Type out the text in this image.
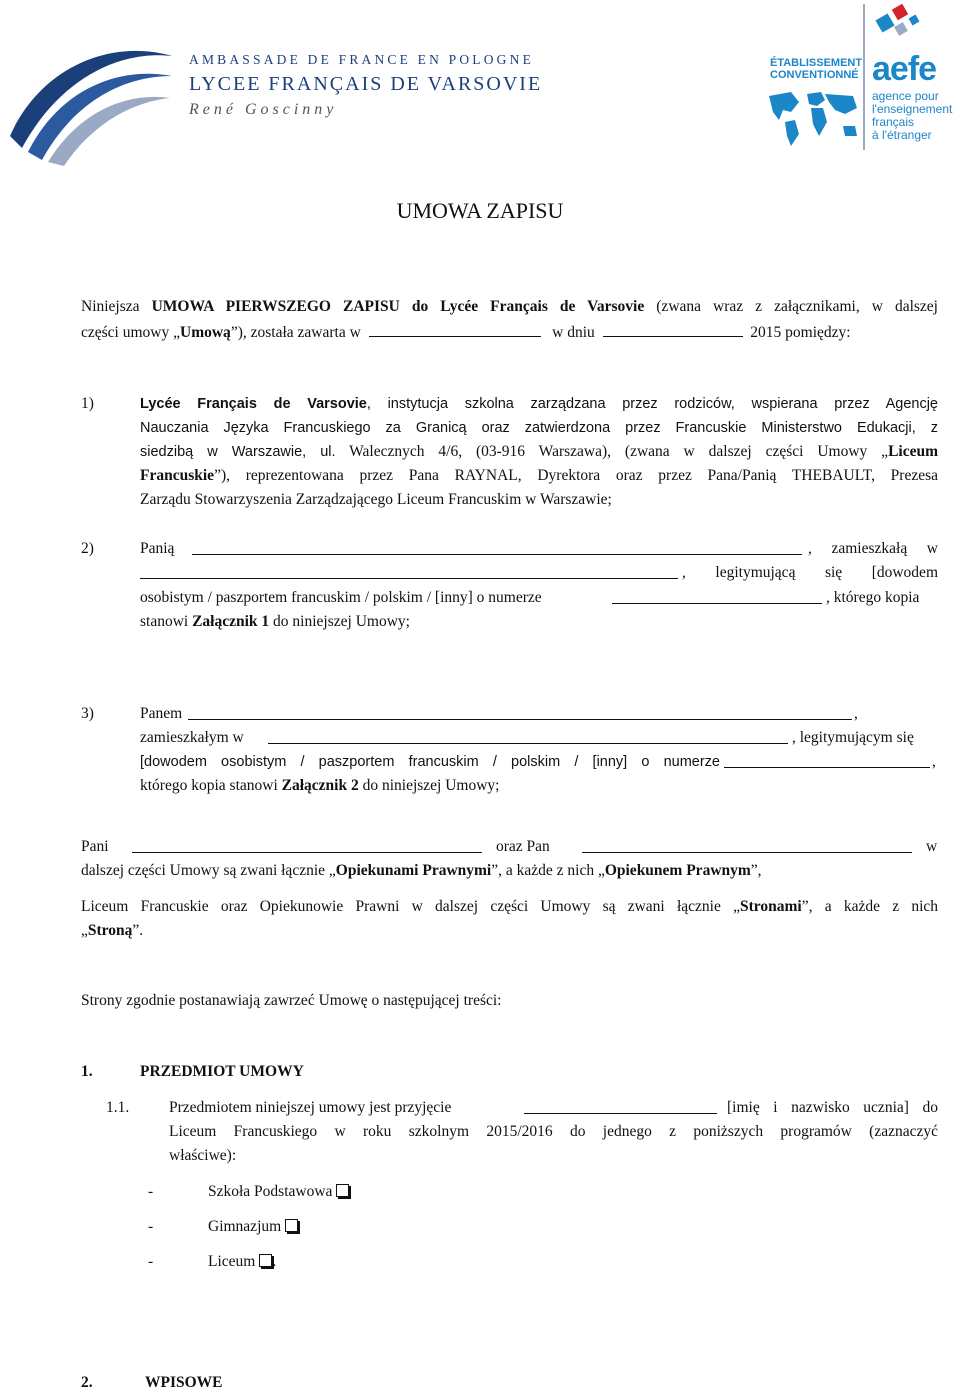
AMBASSADE DE FRANCE EN POLOGNE
LYCEE FRANÇAIS DE VARSOVIE
René Goscinny
ÉTABLISSEMENT
CONVENTIONNÉ aefe
agence pour
l'enseignement
français
à l'étranger
UMOWA ZAPISU
Niniejsza UMOWA PIERWSZEGO ZAPISU do Lycée Français de Varsovie (zwana wraz z załącznikami, w dalszej
części umowy „Umową”), została zawarta w	w dniu	2015 pomiędzy:
1)	Lycée Français de Varsovie, instytucja szkolna zarządzana przez rodziców, wspierana przez Agencję
Nauczania Języka Francuskiego za Granicą oraz zatwierdzona przez Francuskie Ministerstwo Edukacji, z
siedzibą w Warszawie, ul. Walecznych 4/6, (03-916 Warszawa), (zwana w dalszej części Umowy „Liceum
Francuskie”), reprezentowana przez Pana RAYNAL, Dyrektora oraz przez Pana/Panią THEBAULT, Prezesa
Zarządu Stowarzyszenia Zarządzającego Liceum Francuskim w Warszawie;
2)	Panią	, zamieszkałą w
, legitymującą się [dowodem
osobistym / paszportem francuskim / polskim / [inny] o numerze	, którego kopia
stanowi Załącznik 1 do niniejszej Umowy;
3)	Panem	,
zamieszkałym w	, legitymującym się
[dowodem osobistym / paszportem francuskim / polskim / [inny] o numerze	,
którego kopia stanowi Załącznik 2 do niniejszej Umowy;
Pani	oraz Pan	w
dalszej części Umowy są zwani łącznie „Opiekunami Prawnymi”, a każde z nich „Opiekunem Prawnym”,
Liceum Francuskie oraz Opiekunowie Prawni w dalszej części Umowy są zwani łącznie „Stronami”, a każde z nich
„Stroną”.
Strony zgodnie postanawiają zawrzeć Umowę o następującej treści:
1.	PRZEDMIOT UMOWY
1.1.	Przedmiotem niniejszej umowy jest przyjęcie	[imię i nazwisko ucznia] do
Liceum Francuskiego w roku szkolnym 2015/2016 do jednego z poniższych programów (zaznaczyć
właściwe):
-	Szkoła Podstawowa
-	Gimnazjum
-	Liceum .
2.	WPISOWE
